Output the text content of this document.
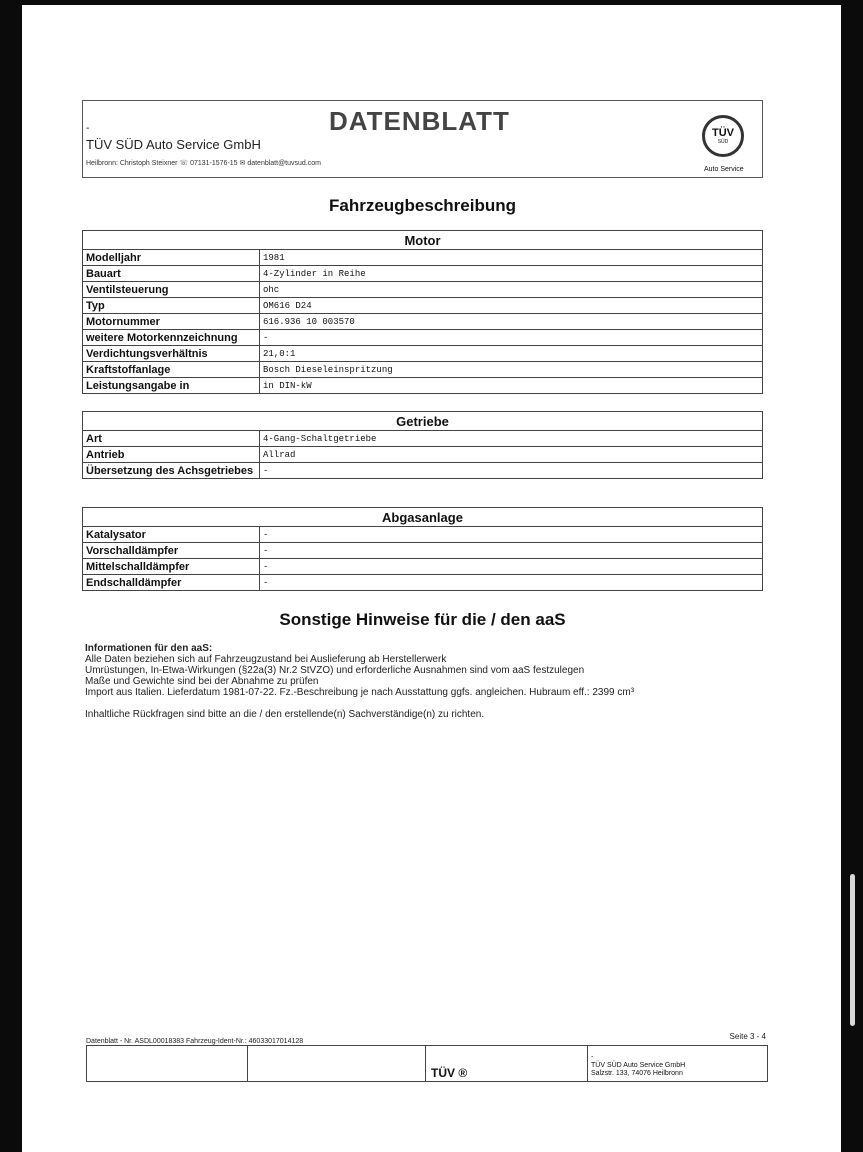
-	DATENBLATT
TÜV SÜD Auto Service GmbH
Heilbronn: Christoph Steixner ☏ 07131-1576-15 ✉ datenblatt@tuvsud.com
TÜV
SÜD
Auto Service
Fahrzeugbeschreibung
Motor	
Modelljahr	1981
Bauart	4-Zylinder in Reihe
Ventilsteuerung	ohc
Typ	OM616 D24
Motornummer	616.936 10 003570
weitere Motorkennzeichnung	-
Verdichtungsverhältnis	21,0:1
Kraftstoffanlage	Bosch Dieseleinspritzung
Leistungsangabe in	in DIN-kW
Getriebe	
Art	4-Gang-Schaltgetriebe
Antrieb	Allrad
Übersetzung des Achsgetriebes	-
Abgasanlage	
Katalysator	-
Vorschalldämpfer	-
Mittelschalldämpfer	-
Endschalldämpfer	-
Sonstige Hinweise für die / den aaS
Informationen für den aaS:
Alle Daten beziehen sich auf Fahrzeugzustand bei Auslieferung ab Herstellerwerk
Umrüstungen, In-Etwa-Wirkungen (§22a(3) Nr.2 StVZO) und erforderliche Ausnahmen sind vom aaS festzulegen
Maße und Gewichte sind bei der Abnahme zu prüfen
Import aus Italien. Lieferdatum 1981-07-22. Fz.-Beschreibung je nach Ausstattung ggfs. angleichen. Hubraum eff.: 2399 cm³
Inhaltliche Rückfragen sind bitte an die / den erstellende(n) Sachverständige(n) zu richten.
Datenblatt - Nr. ASDL00018383 Fahrzeug-Ident-Nr.: 46033017014128
Seite 3 - 4
TÜV ®
-
TÜV SÜD Auto Service GmbH
Salzstr. 133, 74076 Heilbronn
